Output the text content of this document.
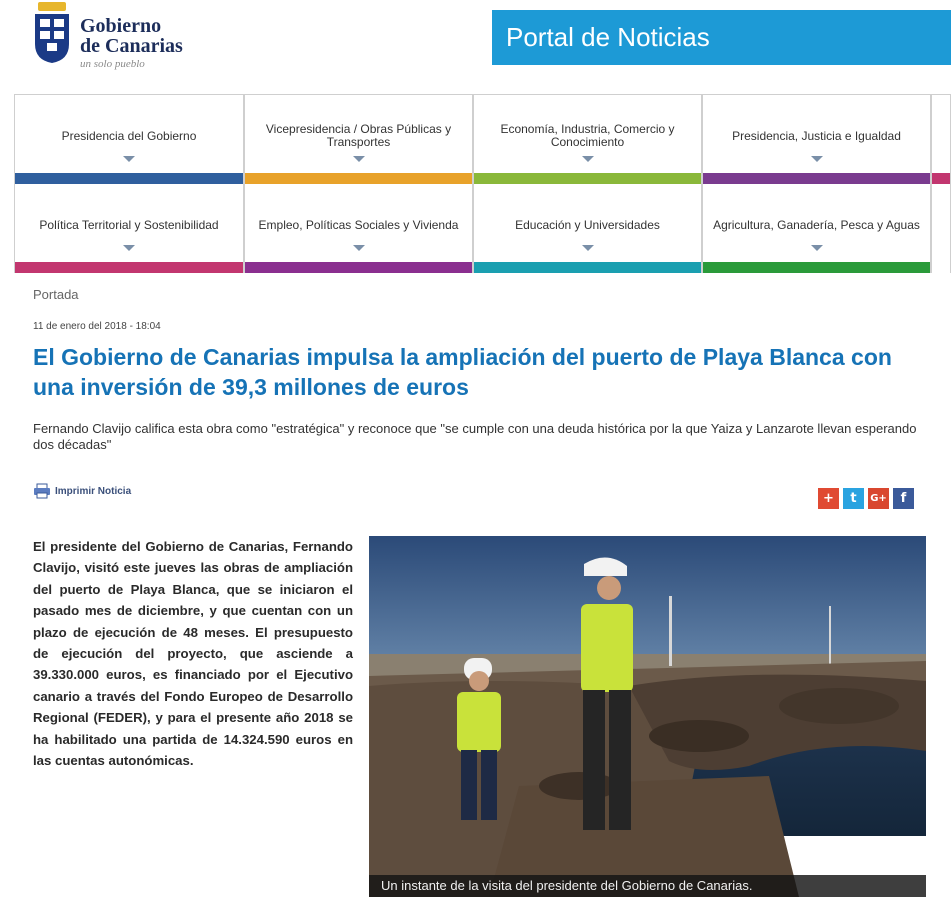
Gobierno
de Canarias
un solo pueblo
Portal de Noticias
Presidencia del Gobierno	Vicepresidencia / Obras Públicas y Transportes
Economía, Industria, Comercio y Conocimiento	Presidencia, Justicia e Igualdad
Política Territorial y Sostenibilidad	Empleo, Políticas Sociales y Vivienda	Educación y Universidades	Agricultura, Ganadería, Pesca y Aguas
Portada
11 de enero del 2018 - 18:04
El Gobierno de Canarias impulsa la ampliación del puerto de Playa Blanca con una inversión de 39,3 millones de euros

Fernando Clavijo califica esta obra como "estratégica" y reconoce que "se cumple con una deuda histórica por la que Yaiza y Lanzarote llevan esperando dos décadas"

Imprimir Noticia	+ t G+ f

El presidente del Gobierno de Canarias, Fernando Clavijo, visitó este jueves las obras de ampliación del puerto de Playa Blanca, que se iniciaron el pasado mes de diciembre, y que cuentan con un plazo de ejecución de 48 meses. El presupuesto de ejecución del proyecto, que asciende a 39.330.000 euros, es financiado por el Ejecutivo canario a través del Fondo Europeo de Desarrollo Regional (FEDER), y para el presente año 2018 se ha habilitado una partida de 14.324.590 euros en las cuentas autonómicas.

Un instante de la visita del presidente del Gobierno de Canarias.
